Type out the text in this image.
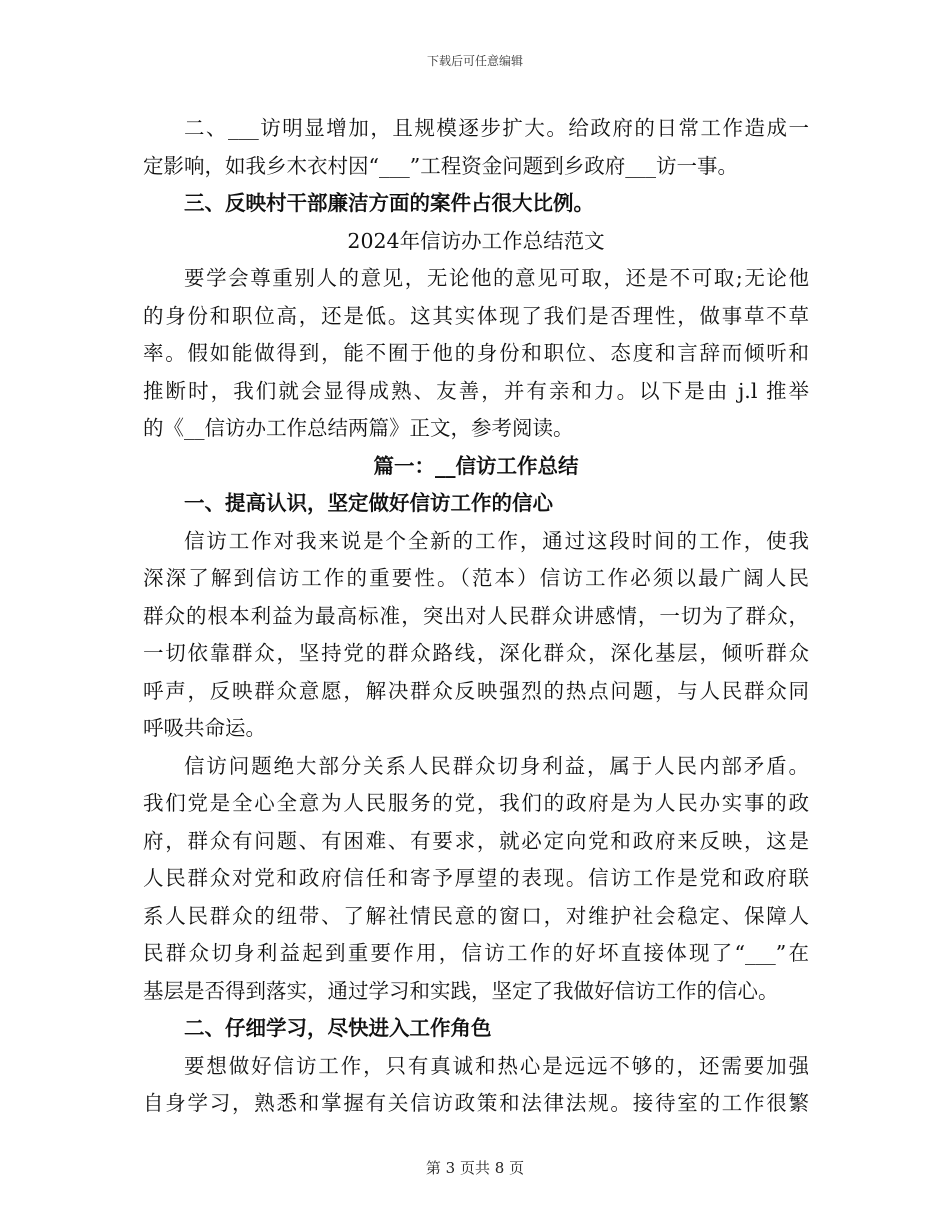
下载后可任意编辑
二、___访明显增加，且规模逐步扩大。给政府的日常工作造成一
定影响，如我乡木衣村因“___”工程资金问题到乡政府___访一事。
三、反映村干部廉洁方面的案件占很大比例。
2024年信访办工作总结范文
要学会尊重别人的意见，无论他的意见可取，还是不可取;无论他
的身份和职位高，还是低。这其实体现了我们是否理性，做事草不草
率。假如能做得到，能不囿于他的身份和职位、态度和言辞而倾听和
推断时，我们就会显得成熟、友善，并有亲和力。以下是由 j.l 推举
的《__信访办工作总结两篇》正文，参考阅读。
篇一：__信访工作总结
一、提高认识，坚定做好信访工作的信心
信访工作对我来说是个全新的工作，通过这段时间的工作，使我
深深了解到信访工作的重要性。（范本）信访工作必须以最广阔人民
群众的根本利益为最高标准，突出对人民群众讲感情，一切为了群众，
一切依靠群众，坚持党的群众路线，深化群众，深化基层，倾听群众
呼声，反映群众意愿，解决群众反映强烈的热点问题，与人民群众同
呼吸共命运。
信访问题绝大部分关系人民群众切身利益，属于人民内部矛盾。
我们党是全心全意为人民服务的党，我们的政府是为人民办实事的政
府，群众有问题、有困难、有要求，就必定向党和政府来反映，这是
人民群众对党和政府信任和寄予厚望的表现。信访工作是党和政府联
系人民群众的纽带、了解社情民意的窗口，对维护社会稳定、保障人
民群众切身利益起到重要作用，信访工作的好坏直接体现了“___”在
基层是否得到落实，通过学习和实践，坚定了我做好信访工作的信心。
二、仔细学习，尽快进入工作角色
要想做好信访工作，只有真诚和热心是远远不够的，还需要加强
自身学习，熟悉和掌握有关信访政策和法律法规。接待室的工作很繁
第 3 页共 8 页
